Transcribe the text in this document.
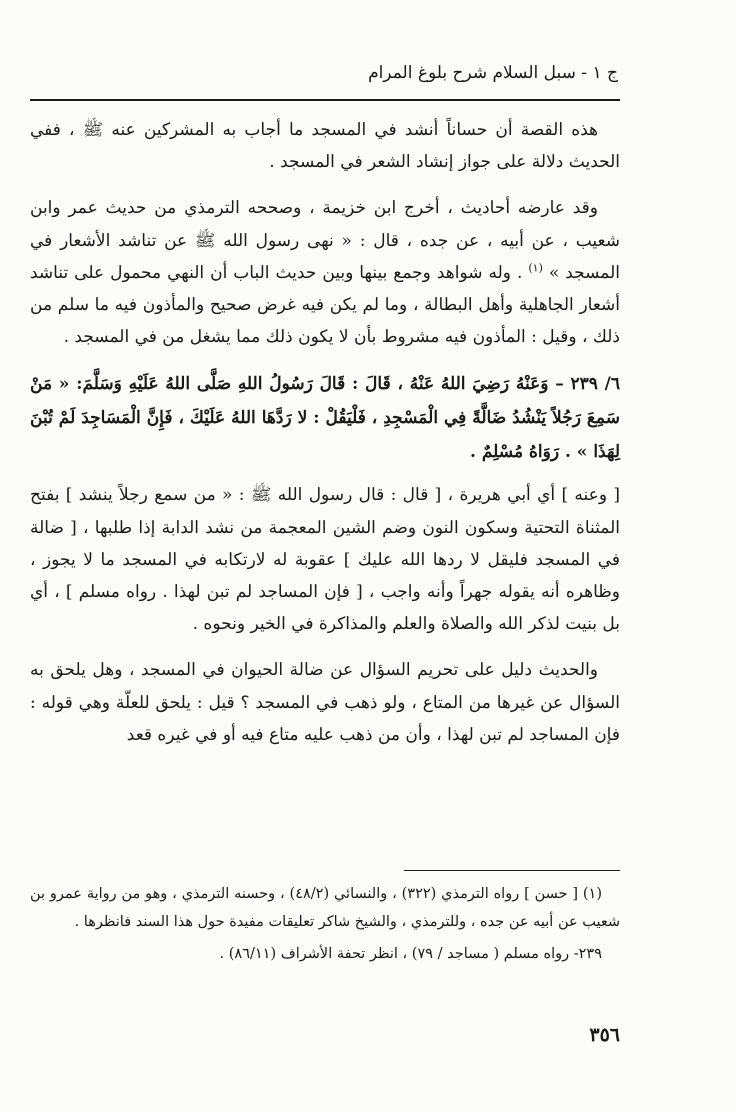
ج ١ - سبل السلام شرح بلوغ المرام

هذه القصة أن حساناً أنشد في المسجد ما أجاب به المشركين عنه ﷺ ، ففي الحديث دلالة على جواز إنشاد الشعر في المسجد .

وقد عارضه أحاديث ، أخرج ابن خزيمة ، وصححه الترمذي من حديث عمر وابن شعيب ، عن أبيه ، عن جده ، قال : « نهى رسول الله ﷺ عن تناشد الأشعار في المسجد » $^{(١)}$ . وله شواهد وجمع بينها وبين حديث الباب أن النهي محمول على تناشد أشعار الجاهلية وأهل البطالة ، وما لم يكن فيه غرض صحيح والمأذون فيه ما سلم من ذلك ، وقيل : المأذون فيه مشروط بأن لا يكون ذلك مما يشغل من في المسجد .

٦/ ٢٣٩ – وَعَنْهُ رَضِيَ اللهُ عَنْهُ ، قَالَ : قَالَ رَسُولُ اللهِ صَلَّى اللهُ عَلَيْهِ وَسَلَّمَ: « مَنْ سَمِعَ رَجُلاً يَنْشُدُ ضَالَّةً فِي الْمَسْجِدِ ، فَلْيَقُلْ : لا رَدَّهَا اللهُ عَلَيْكَ ، فَإِنَّ الْمَسَاجِدَ لَمْ تُبْنَ لِهَذَا » . رَوَاهُ مُسْلِمٌ .

[ وعنه ] أي أبي هريرة ، [ قال : قال رسول الله ﷺ : « من سمع رجلاً ينشد ] بفتح المثناة التحتية وسكون النون وضم الشين المعجمة من نشد الدابة إذا طلبها ، [ ضالة في المسجد فليقل لا ردها الله عليك ] عقوبة له لارتكابه في المسجد ما لا يجوز ، وظاهره أنه يقوله جهراً وأنه واجب ، [ فإن المساجد لم تبن لهذا . رواه مسلم ] ، أي بل بنيت لذكر الله والصلاة والعلم والمذاكرة في الخير ونحوه .

والحديث دليل على تحريم السؤال عن ضالة الحيوان في المسجد ، وهل يلحق به السؤال عن غيرها من المتاع ، ولو ذهب في المسجد ؟ قيل : يلحق للعلّة وهي قوله : فإن المساجد لم تبن لهذا ، وأن من ذهب عليه متاع فيه أو في غيره قعد

(١) [ حسن ] رواه الترمذي (٣٢٢) ، والنسائي (٤٨/٢) ، وحسنه الترمذي ، وهو من رواية عمرو بن شعيب عن أبيه عن جده ، وللترمذي ، والشيخ شاكر تعليقات مفيدة حول هذا السند فانظرها .

٢٣٩- رواه مسلم ( مساجد / ٧٩) ، انظر تحفة الأشراف (٨٦/١١) .

٣٥٦
